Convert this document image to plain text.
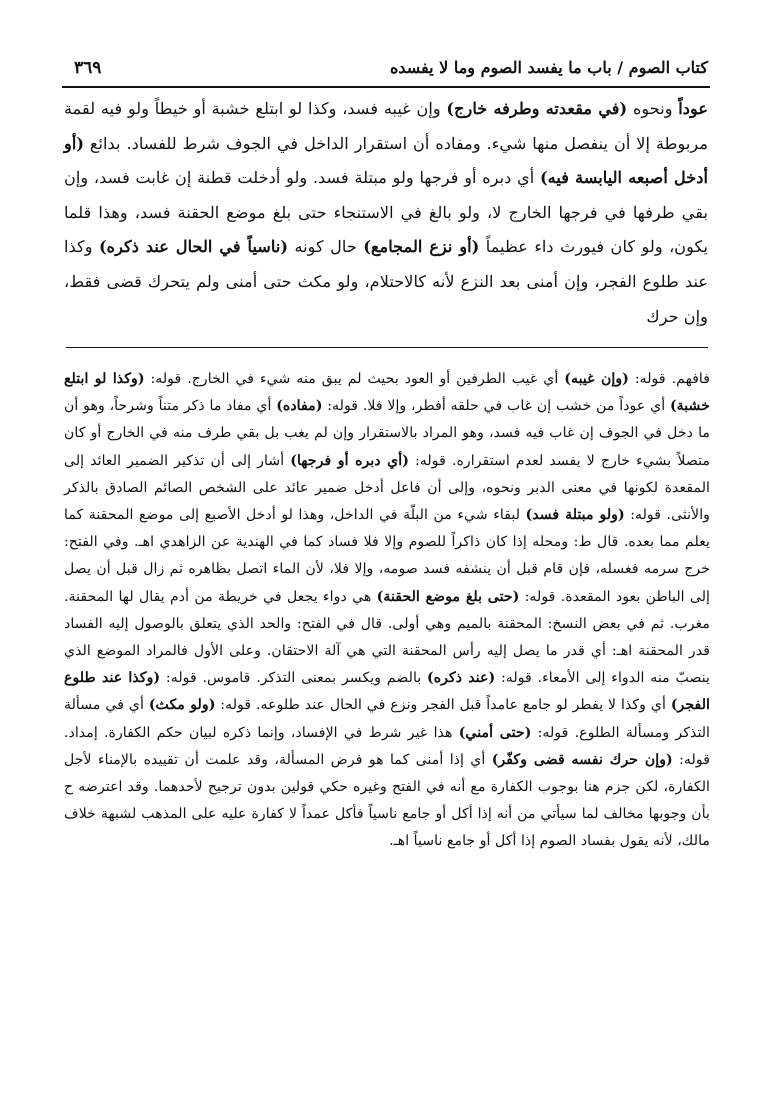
كتاب الصوم / باب ما يفسد الصوم وما لا يفسده
٣٦٩

عوداً ونحوه (في مقعدته وطرفه خارج) وإن غيبه فسد، وكذا لو ابتلع خشبة أو خيطاً ولو فيه لقمة مربوطة إلا أن ينفصل منها شيء. ومفاده أن استقرار الداخل في الجوف شرط للفساد. بدائع (أو أدخل أصبعه اليابسة فيه) أي دبره أو فرجها ولو مبتلة فسد. ولو أدخلت قطنة إن غابت فسد، وإن بقي طرفها في فرجها الخارج لا، ولو بالغ في الاستنجاء حتى بلغ موضع الحقنة فسد، وهذا قلما يكون، ولو كان فيورث داء عظيماً (أو نزع المجامع) حال كونه (ناسياً في الحال عند ذكره) وكذا عند طلوع الفجر، وإن أمنى بعد النزع لأنه كالاحتلام، ولو مكث حتى أمنى ولم يتحرك قضى فقط، وإن حرك

فافهم. قوله: (وإن غيبه) أي غيب الطرفين أو العود بحيث لم يبق منه شيء في الخارج. قوله: (وكذا لو ابتلع خشبة) أي عوداً من خشب إن غاب في حلقه أفطر، وإلا فلا. قوله: (مفاده) أي مفاد ما ذكر متناً وشرحاً، وهو أن ما دخل في الجوف إن غاب فيه فسد، وهو المراد بالاستقرار وإن لم يغب بل بقي طرف منه في الخارج أو كان متصلاً بشيء خارج لا يفسد لعدم استقراره. قوله: (أي دبره أو فرجها) أشار إلى أن تذكير الضمير العائد إلى المقعدة لكونها في معنى الدبر ونحوه، وإلى أن فاعل أدخل ضمير عائد على الشخص الصائم الصادق بالذكر والأنثى. قوله: (ولو مبتلة فسد) لبقاء شيء من البلّة في الداخل، وهذا لو أدخل الأصبع إلى موضع المحقنة كما يعلم مما بعده. قال ط: ومحله إذا كان ذاكراً للصوم وإلا فلا فساد كما في الهندية عن الزاهدي اهـ. وفي الفتح: خرج سرمه فغسله، فإن قام قبل أن ينشفه فسد صومه، وإلا فلا، لأن الماء اتصل بظاهره ثم زال قبل أن يصل إلى الباطن بعود المقعدة. قوله: (حتى بلغ موضع الحقنة) هي دواء يجعل في خريطة من أدم يقال لها المحقنة. مغرب. ثم في بعض النسخ: المحقنة بالميم وهي أولى. قال في الفتح: والحد الذي يتعلق بالوصول إليه الفساد قدر المحقنة اهـ: أي قدر ما يصل إليه رأس المحقنة التي هي آلة الاحتقان. وعلى الأول فالمراد الموضع الذي ينصبّ منه الدواء إلى الأمعاء. قوله: (عند ذكره) بالضم ويكسر بمعنى التذكر. قاموس. قوله: (وكذا عند طلوع الفجر) أي وكذا لا يفطر لو جامع عامداً قبل الفجر ونزع في الحال عند طلوعه. قوله: (ولو مكث) أي في مسألة التذكر ومسألة الطلوع. قوله: (حتى أمني) هذا غير شرط في الإفساد، وإنما ذكره لبيان حكم الكفارة. إمداد. قوله: (وإن حرك نفسه قضى وكفّر) أي إذا أمنى كما هو فرض المسألة، وقد علمت أن تقييده بالإمناء لأجل الكفارة، لكن جزم هنا بوجوب الكفارة مع أنه في الفتح وغيره حكي قولين بدون ترجيح لأحدهما. وقد اعترضه ح بأن وجوبها مخالف لما سيأتي من أنه إذا أكل أو جامع ناسياً فأكل عمداً لا كفارة عليه على المذهب لشبهة خلاف مالك، لأنه يقول بفساد الصوم إذا أكل أو جامع ناسياً اهـ.
